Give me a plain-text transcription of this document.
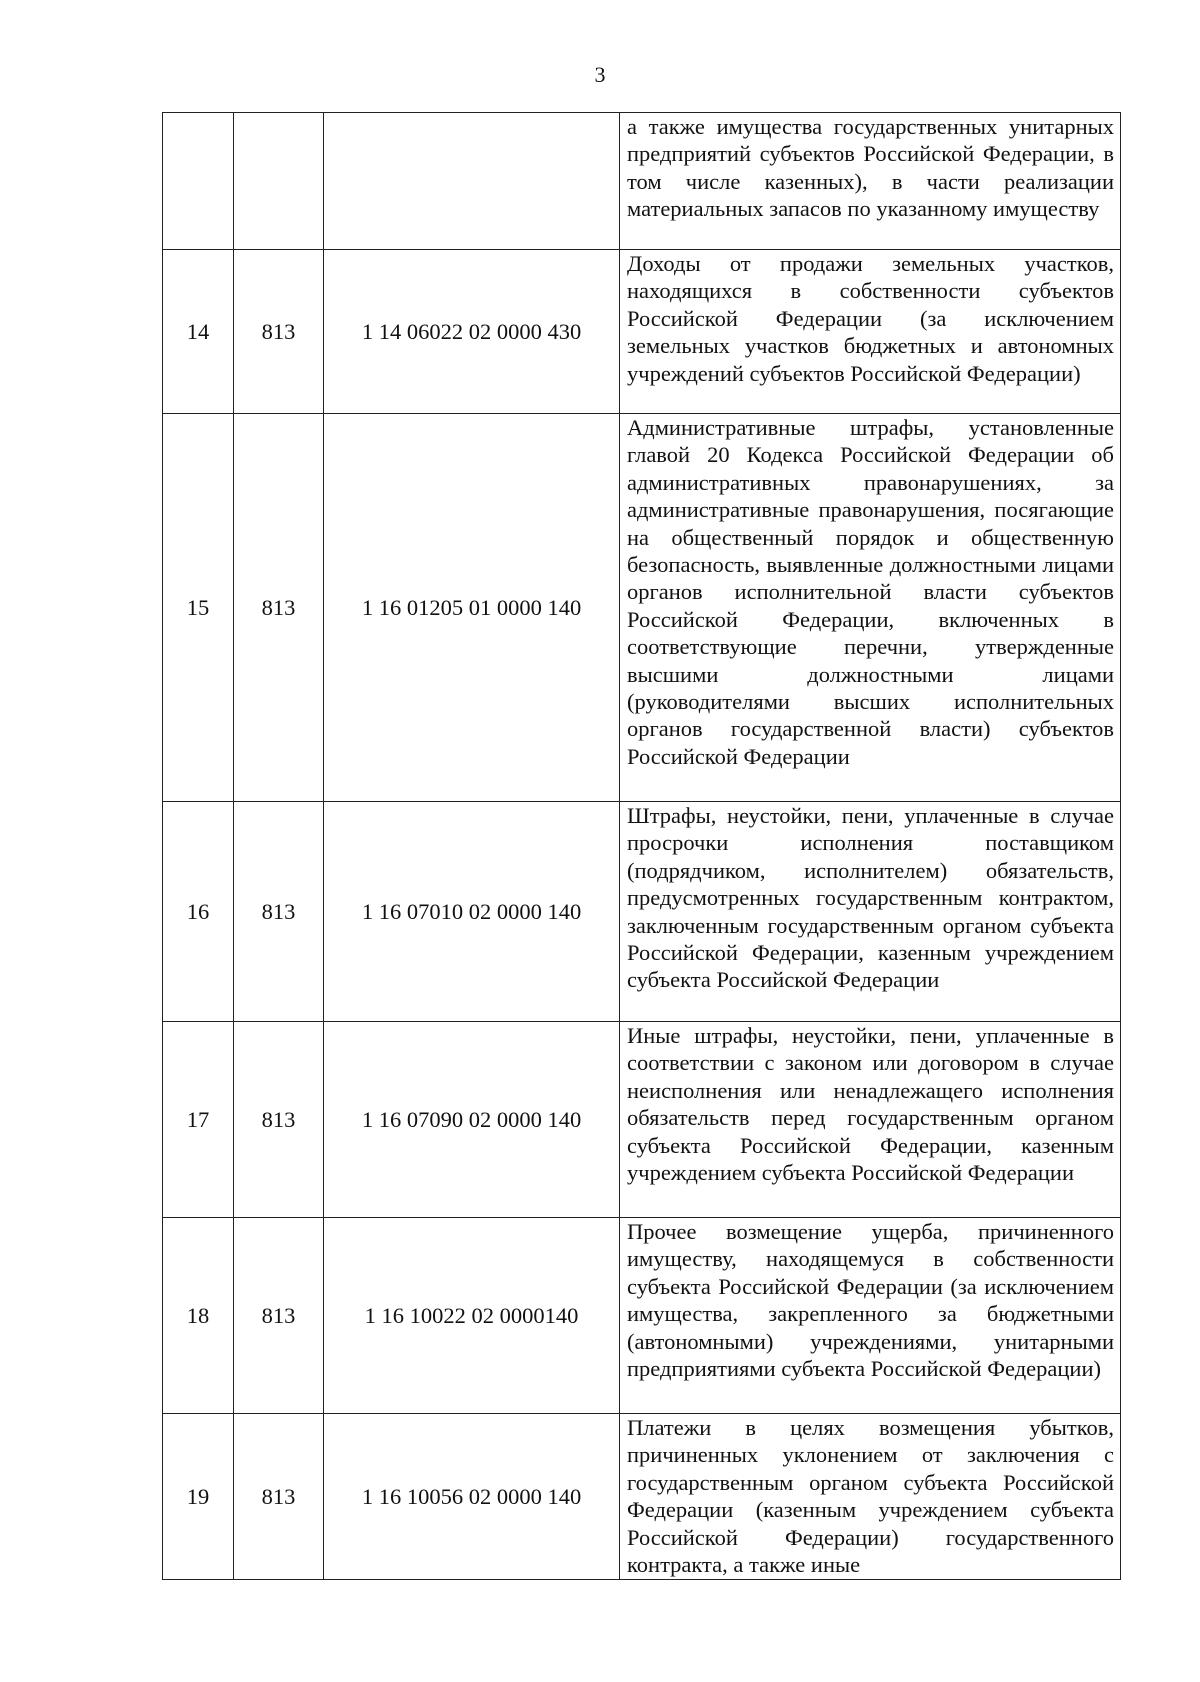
3

			а также имущества государственных унитарных предприятий субъектов Российской Федерации, в том числе казенных), в части реализации материальных запасов по указанному имуществу

14	813	1 14 06022 02 0000 430	Доходы от продажи земельных участков, находящихся в собственности субъектов Российской Федерации (за исключением земельных участков бюджетных и автономных учреждений субъектов Российской Федерации)

15	813	1 16 01205 01 0000 140	Административные штрафы, установленные главой 20 Кодекса Российской Федерации об административных правонарушениях, за административные правонарушения, посягающие на общественный порядок и общественную безопасность, выявленные должностными лицами органов исполнительной власти субъектов Российской Федерации, включенных в соответствующие перечни, утвержденные высшими должностными лицами (руководителями высших исполнительных органов государственной власти) субъектов Российской Федерации

16	813	1 16 07010 02 0000 140	Штрафы, неустойки, пени, уплаченные в случае просрочки исполнения поставщиком (подрядчиком, исполнителем) обязательств, предусмотренных государственным контрактом, заключенным государственным органом субъекта Российской Федерации, казенным учреждением субъекта Российской Федерации

17	813	1 16 07090 02 0000 140	Иные штрафы, неустойки, пени, уплаченные в соответствии с законом или договором в случае неисполнения или ненадлежащего исполнения обязательств перед государственным органом субъекта Российской Федерации, казенным учреждением субъекта Российской Федерации

18	813	1 16 10022 02 0000140	Прочее возмещение ущерба, причиненного имуществу, находящемуся в собственности субъекта Российской Федерации (за исключением имущества, закрепленного за бюджетными (автономными) учреждениями, унитарными предприятиями субъекта Российской Федерации)

19	813	1 16 10056 02 0000 140	Платежи в целях возмещения убытков, причиненных уклонением от заключения с государственным органом субъекта Российской Федерации (казенным учреждением субъекта Российской Федерации) государственного контракта, а также иные
